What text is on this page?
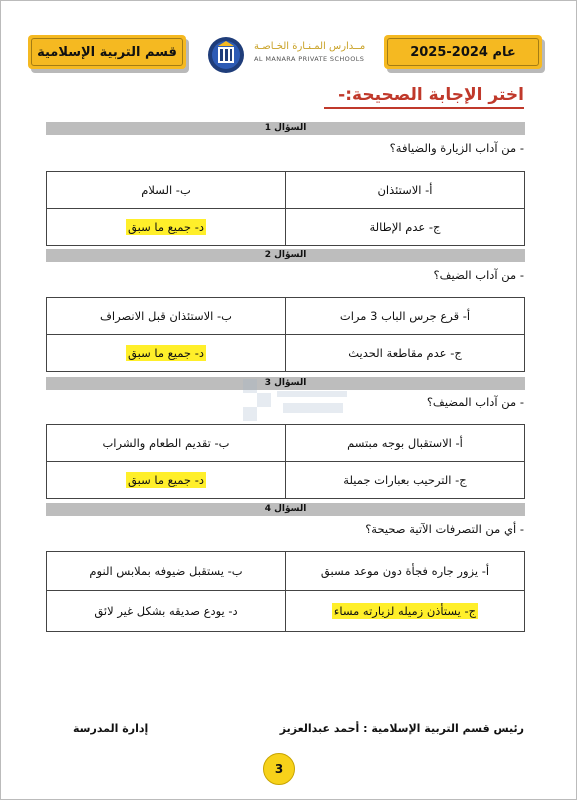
قسم التربية الإسلامية	مــدارس المـنـارة الخـاصـة
AL MANARA PRIVATE SCHOOLS	عام 2024-2025
اختر الإجابة الصحيحة:-
السؤال 1
- من آداب الزيارة والضيافة؟
أ- الاستئذان	ب- السلام
ج- عدم الإطالة	د- جميع ما سبق
السؤال 2
- من آداب الضيف؟
أ- قرع جرس الباب 3 مرات	ب- الاستئذان قبل الانصراف
ج- عدم مقاطعة الحديث	د- جميع ما سبق
السؤال 3
- من آداب المضيف؟
أ- الاستقبال بوجه مبتسم	ب- تقديم الطعام والشراب
ج- الترحيب بعبارات جميلة	د- جميع ما سبق
السؤال 4
- أي من التصرفات الآتية صحيحة؟
أ- يزور جاره فجأة دون موعد مسبق	ب- يستقبل ضيوفه بملابس النوم
ج- يستأذن زميله لزيارته مساء	د- يودع صديقه بشكل غير لائق
رئيس قسم التربية الإسلامية : أحمد عبدالعزيز
إدارة المدرسة
3
